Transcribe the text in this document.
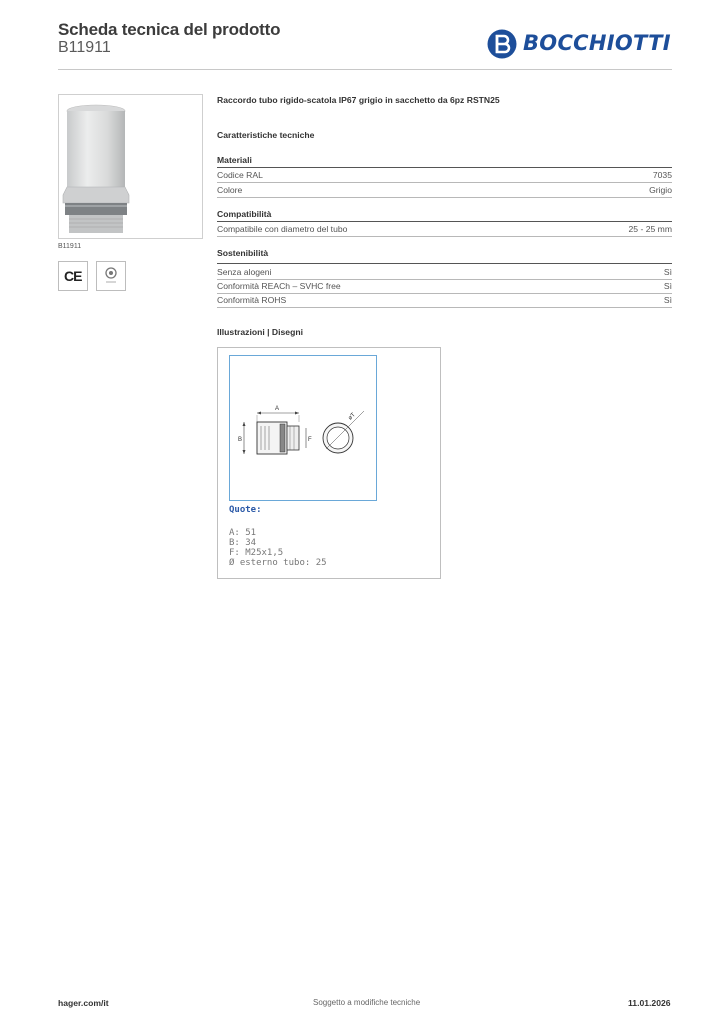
Scheda tecnica del prodotto
B11911	BOCCHIOTTI
B11911
CE
Raccordo tubo rigido-scatola IP67 grigio in sacchetto da 6pz RSTN25
Caratteristiche tecniche
Materiali
Codice RAL	7035
Colore	Grigio
Compatibilità
Compatibile con diametro del tubo	25 - 25 mm
Sostenibilità
Senza alogeni	Sì
Conformità REACh – SVHC free	Sì
Conformità ROHS	Sì
Illustrazioni | Disegni
A
B	F
øT
Quote:
A: 51
B: 34
F: M25x1,5
Ø esterno tubo: 25
hager.com/it	Soggetto a modifiche tecniche	11.01.2026
